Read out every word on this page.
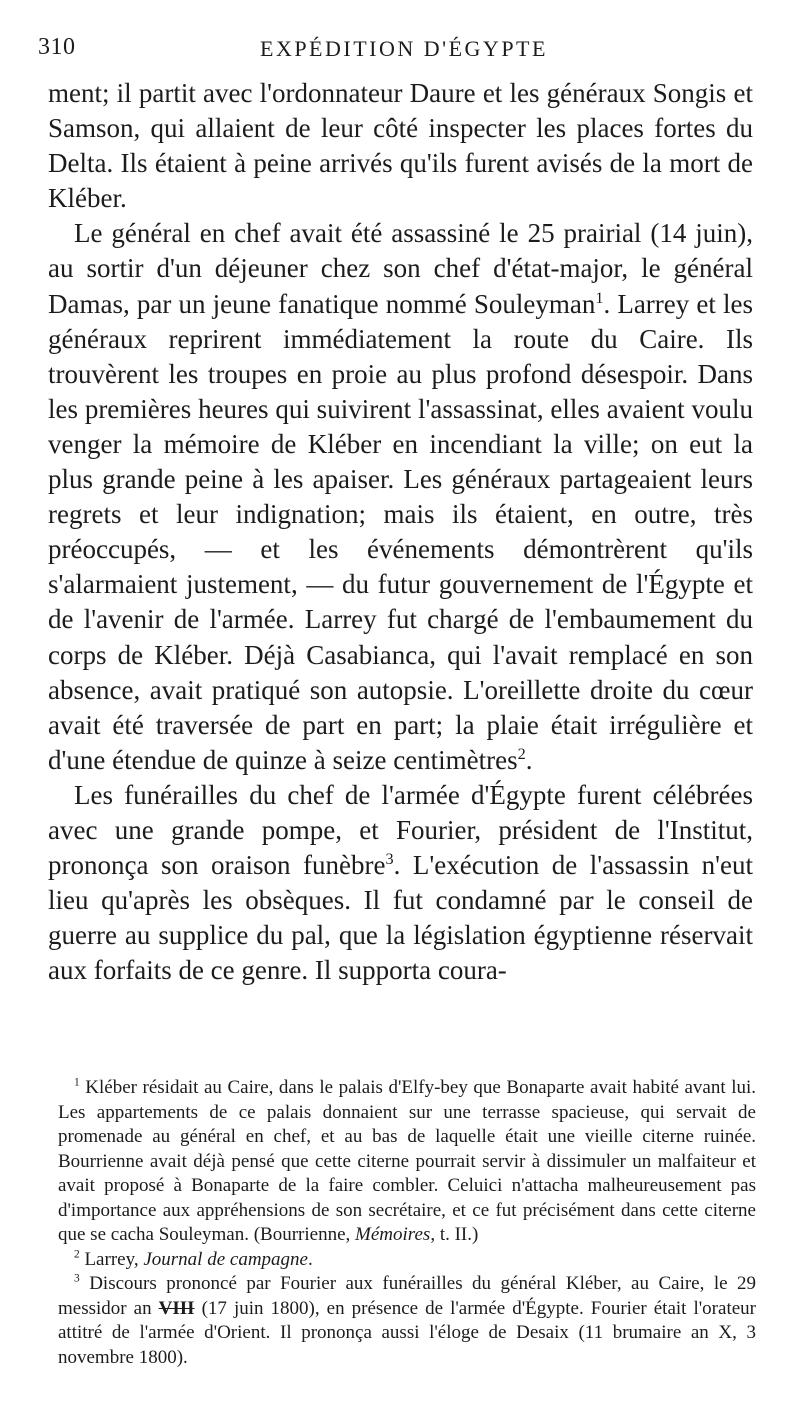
310	EXPÉDITION D'ÉGYPTE

ment; il partit avec l'ordonnateur Daure et les généraux Songis et Samson, qui allaient de leur côté inspecter les places fortes du Delta. Ils étaient à peine arrivés qu'ils furent avisés de la mort de Kléber.

Le général en chef avait été assassiné le 25 prairial (14 juin), au sortir d'un déjeuner chez son chef d'état-major, le général Damas, par un jeune fanatique nommé Souleyman$^1$. Larrey et les généraux reprirent immédiatement la route du Caire. Ils trouvèrent les troupes en proie au plus profond désespoir. Dans les premières heures qui suivirent l'assassinat, elles avaient voulu venger la mémoire de Kléber en incendiant la ville; on eut la plus grande peine à les apaiser. Les généraux partageaient leurs regrets et leur indignation; mais ils étaient, en outre, très préoccupés, — et les événements démontrèrent qu'ils s'alarmaient justement, — du futur gouvernement de l'Égypte et de l'avenir de l'armée. Larrey fut chargé de l'embaumement du corps de Kléber. Déjà Casabianca, qui l'avait remplacé en son absence, avait pratiqué son autopsie. L'oreillette droite du cœur avait été traversée de part en part; la plaie était irrégulière et d'une étendue de quinze à seize centimètres$^2$.

Les funérailles du chef de l'armée d'Égypte furent célébrées avec une grande pompe, et Fourier, président de l'Institut, prononça son oraison funèbre$^3$. L'exécution de l'assassin n'eut lieu qu'après les obsèques. Il fut condamné par le conseil de guerre au supplice du pal, que la législation égyptienne réservait aux forfaits de ce genre. Il supporta coura-

$^1$ Kléber résidait au Caire, dans le palais d'Elfy-bey que Bonaparte avait habité avant lui. Les appartements de ce palais donnaient sur une terrasse spacieuse, qui servait de promenade au général en chef, et au bas de laquelle était une vieille citerne ruinée. Bourrienne avait déjà pensé que cette citerne pourrait servir à dissimuler un malfaiteur et avait proposé à Bonaparte de la faire combler. Celuici n'attacha malheureusement pas d'importance aux appréhensions de son secrétaire, et ce fut précisément dans cette citerne que se cacha Souleyman. (Bourrienne, Mémoires, t. II.)

$^2$ Larrey, Journal de campagne.

$^3$ Discours prononcé par Fourier aux funérailles du général Kléber, au Caire, le 29 messidor an VIII (17 juin 1800), en présence de l'armée d'Égypte. Fourier était l'orateur attitré de l'armée d'Orient. Il prononça aussi l'éloge de Desaix (11 brumaire an X, 3 novembre 1800).
